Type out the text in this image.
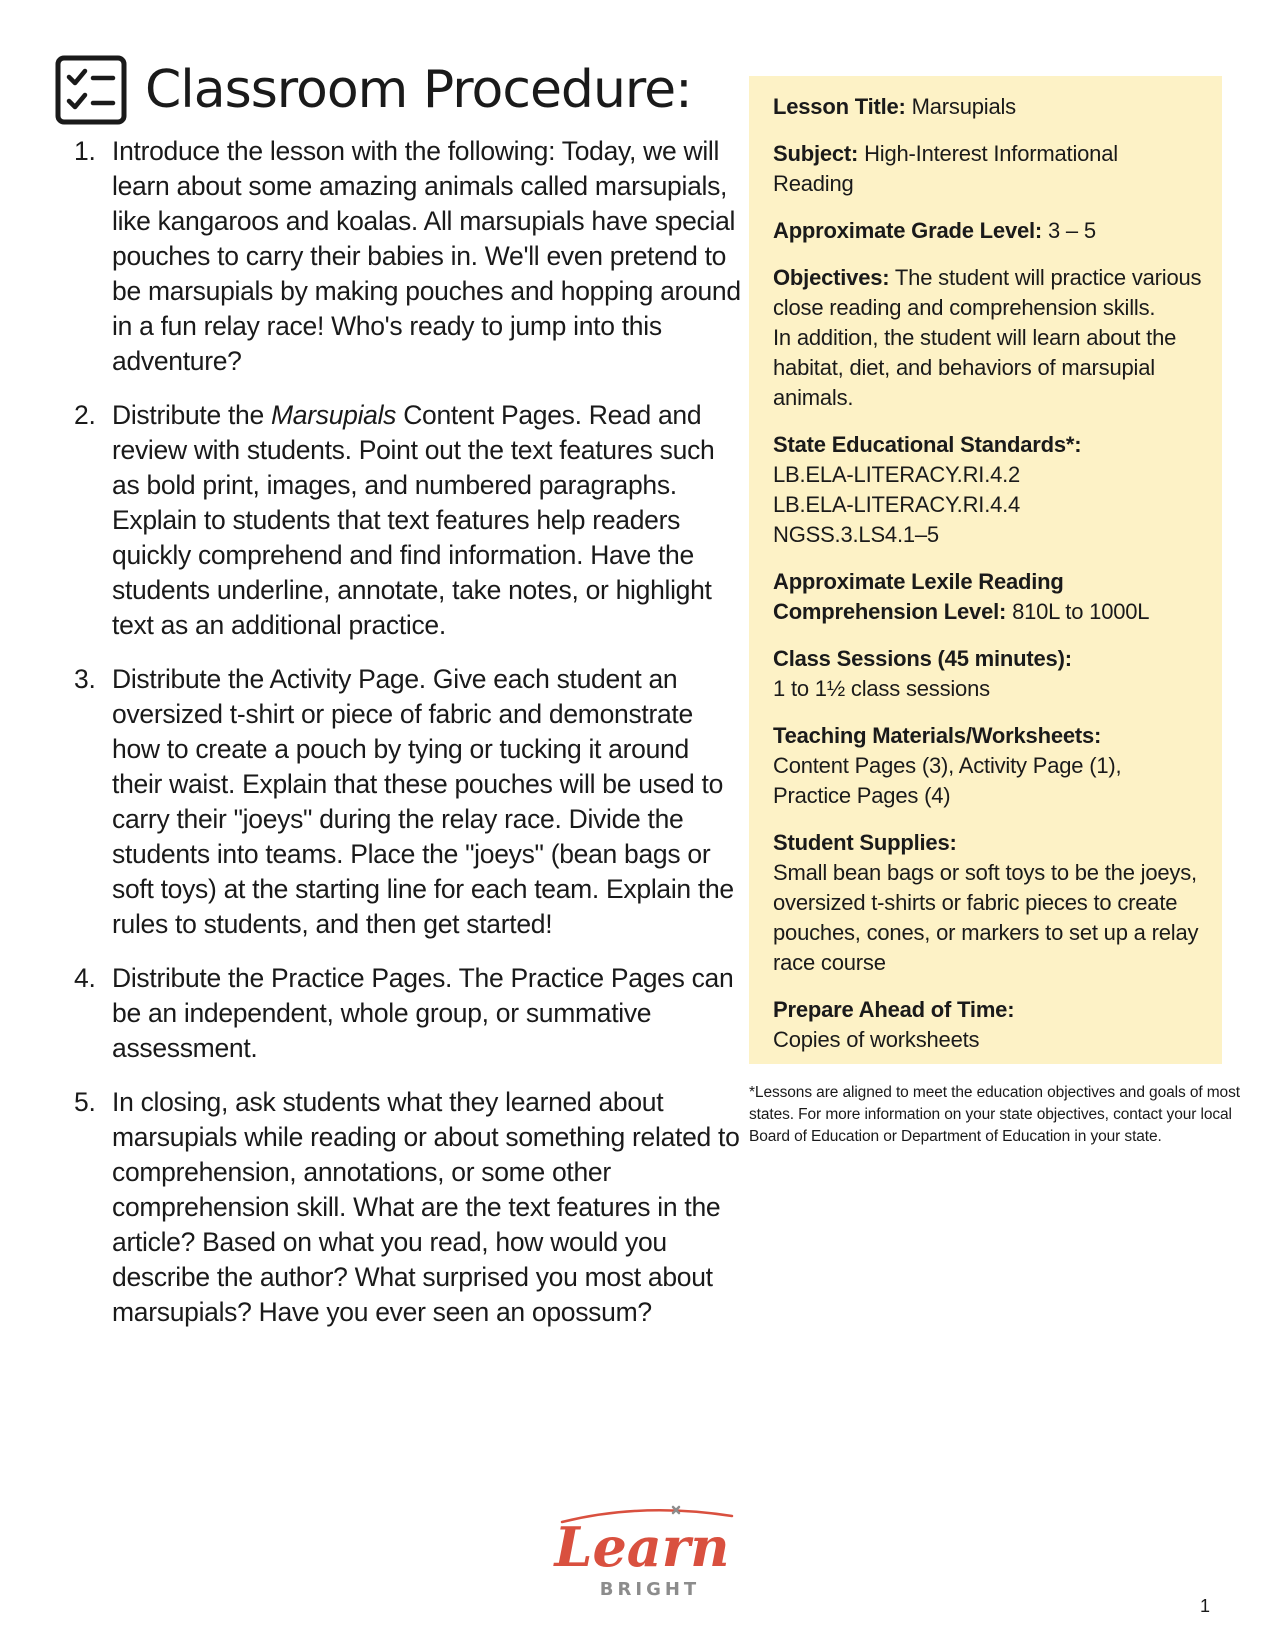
Classroom Procedure:
1. Introduce the lesson with the following: Today, we will learn about some amazing animals called marsupials, like kangaroos and koalas. All marsupials have special pouches to carry their babies in. We'll even pretend to be marsupials by making pouches and hopping around in a fun relay race! Who's ready to jump into this adventure?
2. Distribute the Marsupials Content Pages. Read and review with students. Point out the text features such as bold print, images, and numbered paragraphs. Explain to students that text features help readers quickly comprehend and find information. Have the students underline, annotate, take notes, or highlight text as an additional practice.
3. Distribute the Activity Page. Give each student an oversized t-shirt or piece of fabric and demonstrate how to create a pouch by tying or tucking it around their waist. Explain that these pouches will be used to carry their "joeys" during the relay race. Divide the students into teams. Place the "joeys" (bean bags or soft toys) at the starting line for each team. Explain the rules to students, and then get started!
4. Distribute the Practice Pages. The Practice Pages can be an independent, whole group, or summative assessment.
5. In closing, ask students what they learned about marsupials while reading or about something related to comprehension, annotations, or some other comprehension skill. What are the text features in the article? Based on what you read, how would you describe the author? What surprised you most about marsupials? Have you ever seen an opossum?
Lesson Title: Marsupials
Subject: High-Interest Informational Reading
Approximate Grade Level: 3 – 5
Objectives: The student will practice various close reading and comprehension skills.
In addition, the student will learn about the habitat, diet, and behaviors of marsupial animals.
State Educational Standards*:
LB.ELA-LITERACY.RI.4.2
LB.ELA-LITERACY.RI.4.4
NGSS.3.LS4.1–5
Approximate Lexile Reading Comprehension Level: 810L to 1000L
Class Sessions (45 minutes):
1 to 1½ class sessions
Teaching Materials/Worksheets:
Content Pages (3), Activity Page (1), Practice Pages (4)
Student Supplies:
Small bean bags or soft toys to be the joeys, oversized t-shirts or fabric pieces to create pouches, cones, or markers to set up a relay race course
Prepare Ahead of Time:
Copies of worksheets

*Lessons are aligned to meet the education objectives and goals of most states. For more information on your state objectives, contact your local Board of Education or Department of Education in your state.

Learn
BRIGHT
1
